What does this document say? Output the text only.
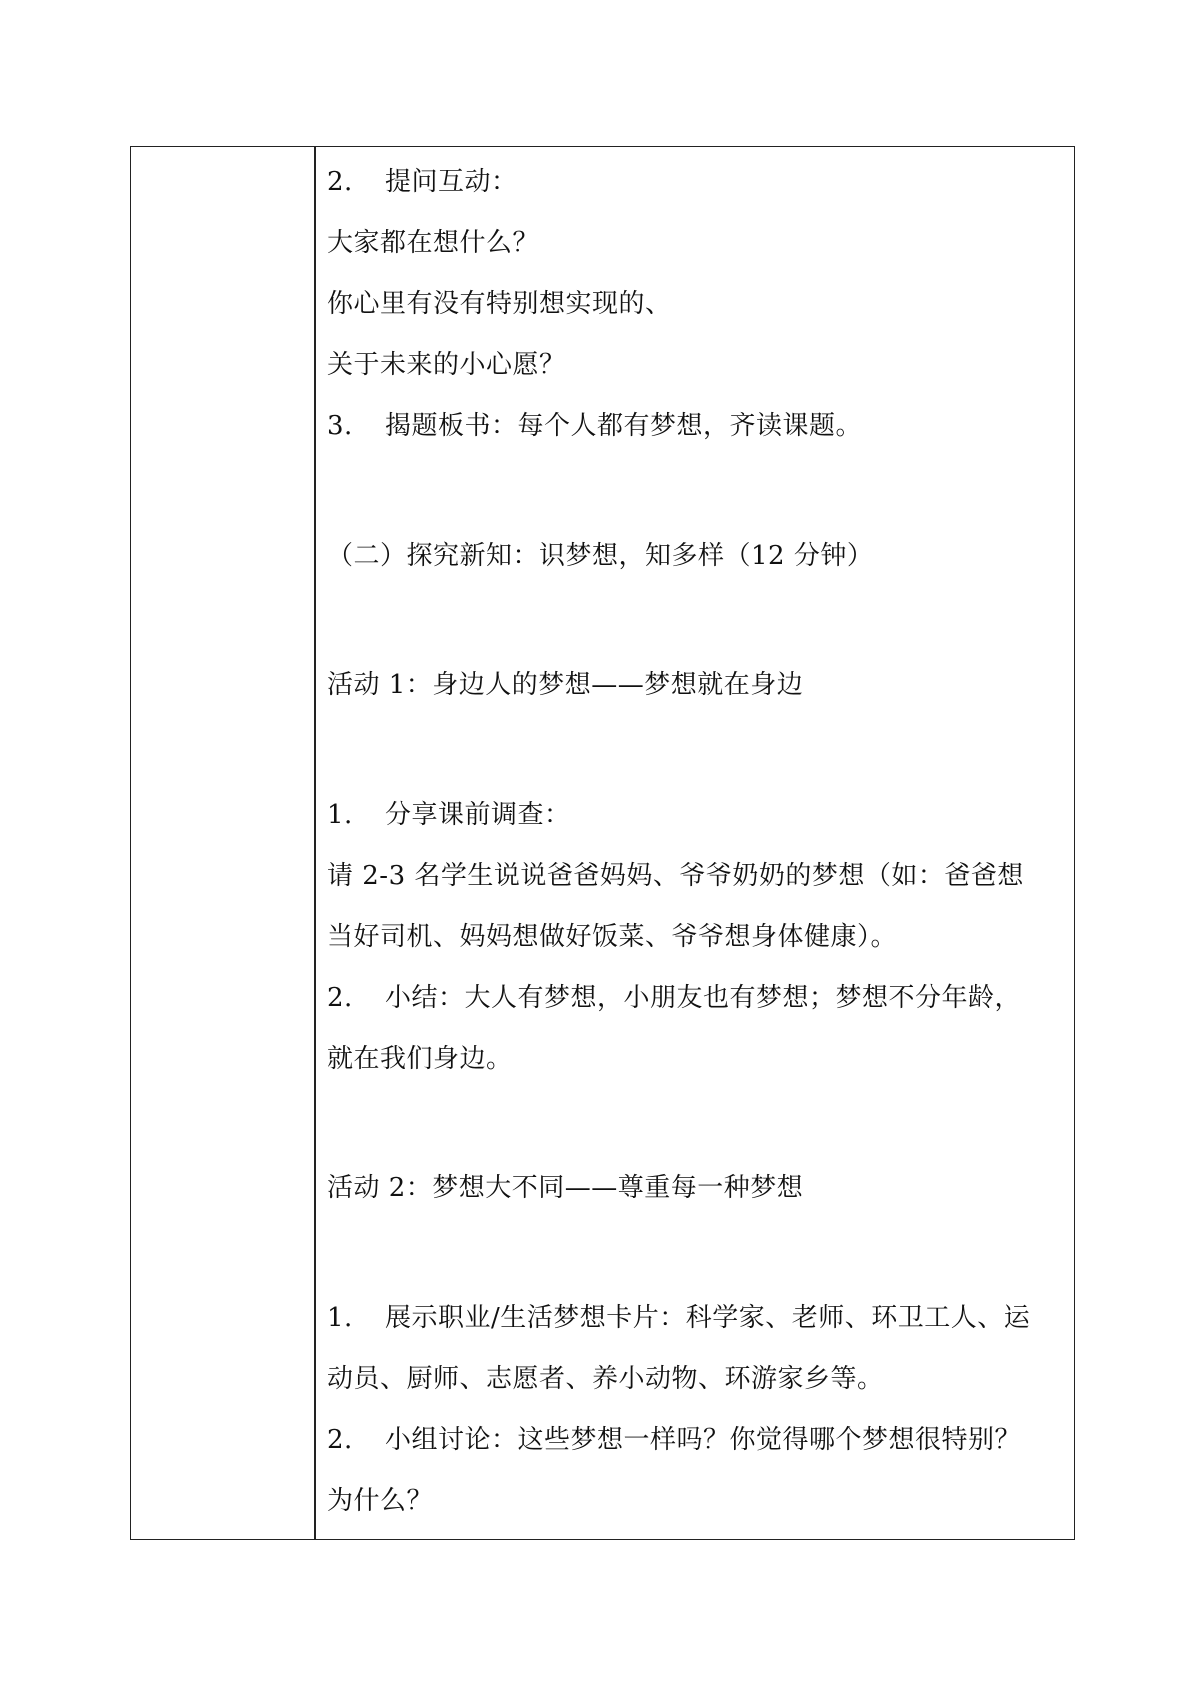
2. 提问互动：
大家都在想什么？
你心里有没有特别想实现的、
关于未来的小心愿？
3. 揭题板书：每个人都有梦想，齐读课题。
（二）探究新知：识梦想，知多样（12 分钟）
活动 1：身边人的梦想——梦想就在身边
1. 分享课前调查：
请 2-3 名学生说说爸爸妈妈、爷爷奶奶的梦想（如：爸爸想
当好司机、妈妈想做好饭菜、爷爷想身体健康）。
2. 小结：大人有梦想，小朋友也有梦想；梦想不分年龄，
就在我们身边。
活动 2：梦想大不同——尊重每一种梦想
1. 展示职业/生活梦想卡片：科学家、老师、环卫工人、运
动员、厨师、志愿者、养小动物、环游家乡等。
2. 小组讨论：这些梦想一样吗？你觉得哪个梦想很特别？
为什么？
